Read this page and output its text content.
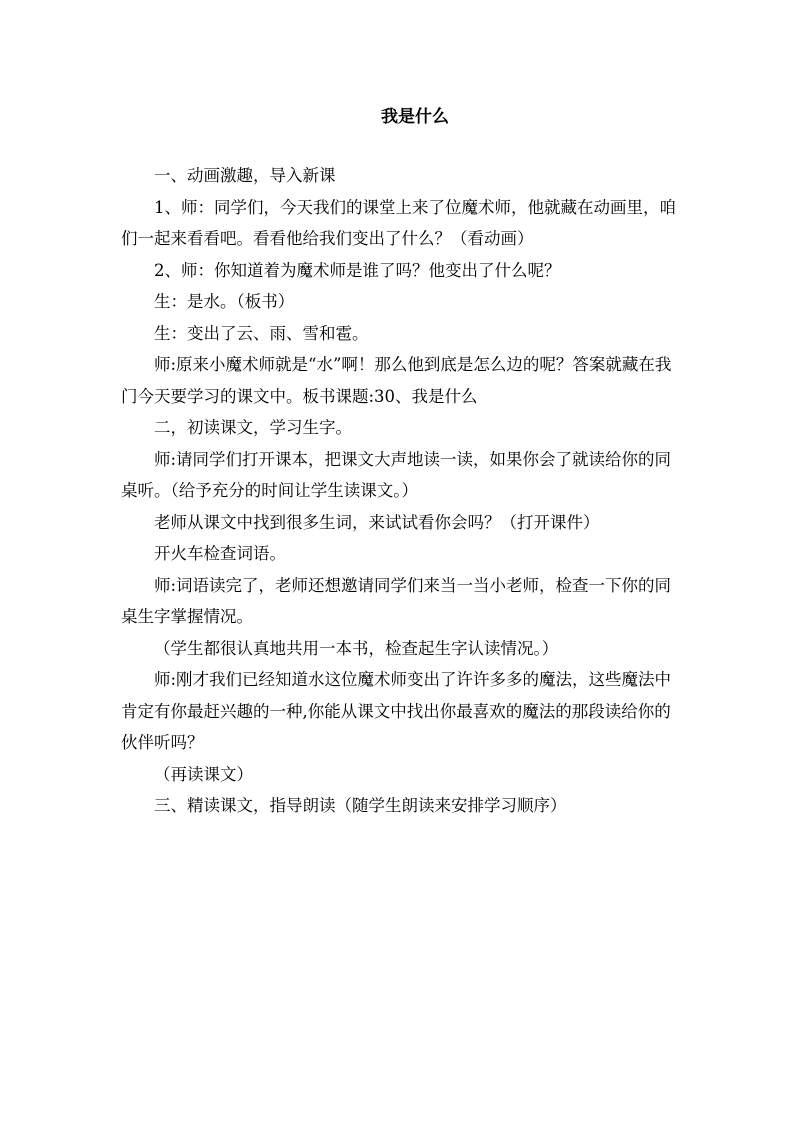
我是什么

一、动画激趣，导入新课

1、师：同学们，今天我们的课堂上来了位魔术师，他就藏在动画里，咱们一起来看看吧。看看他给我们变出了什么？（看动画）

2、师：你知道着为魔术师是谁了吗？他变出了什么呢？

生：是水。（板书）

生：变出了云、雨、雪和雹。

师:原来小魔术师就是“水”啊！那么他到底是怎么边的呢？答案就藏在我门今天要学习的课文中。板书课题:30、我是什么

二，初读课文，学习生字。

师:请同学们打开课本，把课文大声地读一读，如果你会了就读给你的同桌听。（给予充分的时间让学生读课文。）

老师从课文中找到很多生词，来试试看你会吗？（打开课件）

开火车检查词语。

师:词语读完了，老师还想邀请同学们来当一当小老师，检查一下你的同桌生字掌握情况。

（学生都很认真地共用一本书，检查起生字认读情况。）

师:刚才我们已经知道水这位魔术师变出了许许多多的魔法，这些魔法中肯定有你最赶兴趣的一种,你能从课文中找出你最喜欢的魔法的那段读给你的伙伴听吗？

（再读课文）

三、精读课文，指导朗读（随学生朗读来安排学习顺序）
